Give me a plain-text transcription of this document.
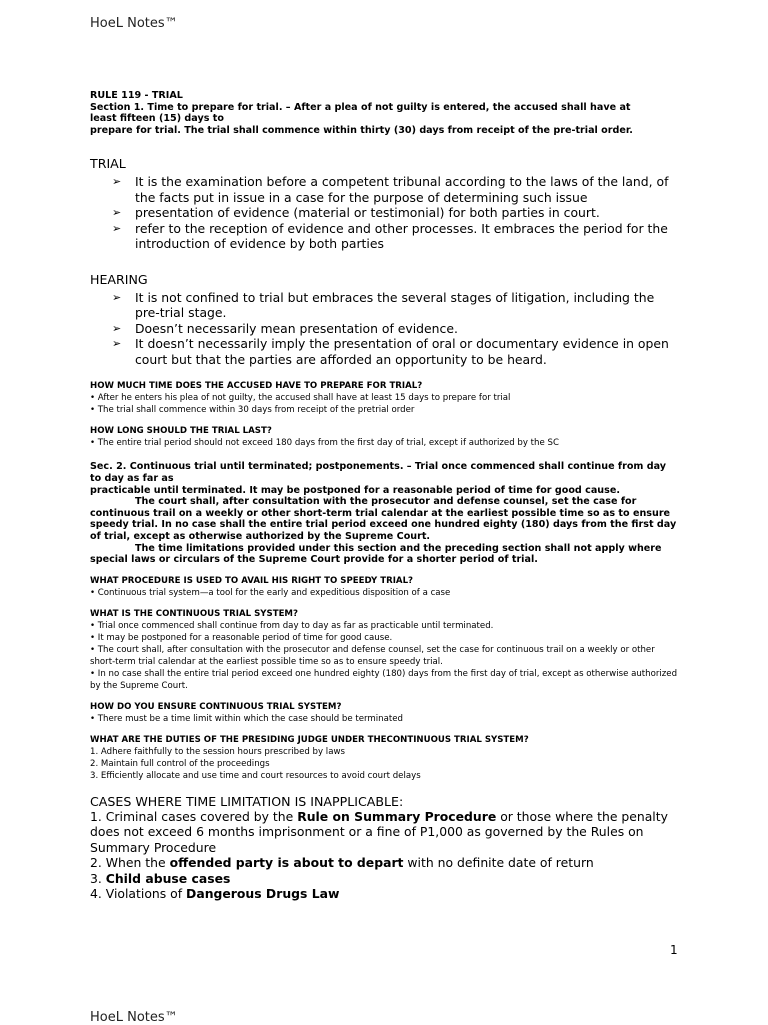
HoeL Notes™
RULE 119 - TRIAL
Section 1. Time to prepare for trial. – After a plea of not guilty is entered, the accused shall have at
least fifteen (15) days to
prepare for trial. The trial shall commence within thirty (30) days from receipt of the pre-trial order.
TRIAL
➢ It is the examination before a competent tribunal according to the laws of the land, of the facts put in issue in a case for the purpose of determining such issue
➢ presentation of evidence (material or testimonial) for both parties in court.
➢ refer to the reception of evidence and other processes. It embraces the period for the introduction of evidence by both parties
HEARING
➢ It is not confined to trial but embraces the several stages of litigation, including the pre-trial stage.
➢ Doesn’t necessarily mean presentation of evidence.
➢ It doesn’t necessarily imply the presentation of oral or documentary evidence in open court but that the parties are afforded an opportunity to be heard.
HOW MUCH TIME DOES THE ACCUSED HAVE TO PREPARE FOR TRIAL?
• After he enters his plea of not guilty, the accused shall have at least 15 days to prepare for trial
• The trial shall commence within 30 days from receipt of the pretrial order
HOW LONG SHOULD THE TRIAL LAST?
• The entire trial period should not exceed 180 days from the first day of trial, except if authorized by the SC
Sec. 2. Continuous trial until terminated; postponements. – Trial once commenced shall continue from day to day as far as
practicable until terminated. It may be postponed for a reasonable period of time for good cause.
The court shall, after consultation with the prosecutor and defense counsel, set the case for continuous trail on a weekly or other short-term trial calendar at the earliest possible time so as to ensure speedy trial. In no case shall the entire trial period exceed one hundred eighty (180) days from the first day of trial, except as otherwise authorized by the Supreme Court.
The time limitations provided under this section and the preceding section shall not apply where special laws or circulars of the Supreme Court provide for a shorter period of trial.
WHAT PROCEDURE IS USED TO AVAIL HIS RIGHT TO SPEEDY TRIAL?
• Continuous trial system—a tool for the early and expeditious disposition of a case
WHAT IS THE CONTINUOUS TRIAL SYSTEM?
• Trial once commenced shall continue from day to day as far as practicable until terminated.
• It may be postponed for a reasonable period of time for good cause.
• The court shall, after consultation with the prosecutor and defense counsel, set the case for continuous trail on a weekly or other short-term trial calendar at the earliest possible time so as to ensure speedy trial.
• In no case shall the entire trial period exceed one hundred eighty (180) days from the first day of trial, except as otherwise authorized by the Supreme Court.
HOW DO YOU ENSURE CONTINUOUS TRIAL SYSTEM?
• There must be a time limit within which the case should be terminated
WHAT ARE THE DUTIES OF THE PRESIDING JUDGE UNDER THECONTINUOUS TRIAL SYSTEM?
1. Adhere faithfully to the session hours prescribed by laws
2. Maintain full control of the proceedings
3. Efficiently allocate and use time and court resources to avoid court delays
CASES WHERE TIME LIMITATION IS INAPPLICABLE:
1. Criminal cases covered by the Rule on Summary Procedure or those where the penalty does not exceed 6 months imprisonment or a fine of P1,000 as governed by the Rules on Summary Procedure
2. When the offended party is about to depart with no definite date of return
3. Child abuse cases
4. Violations of Dangerous Drugs Law
1
HoeL Notes™
